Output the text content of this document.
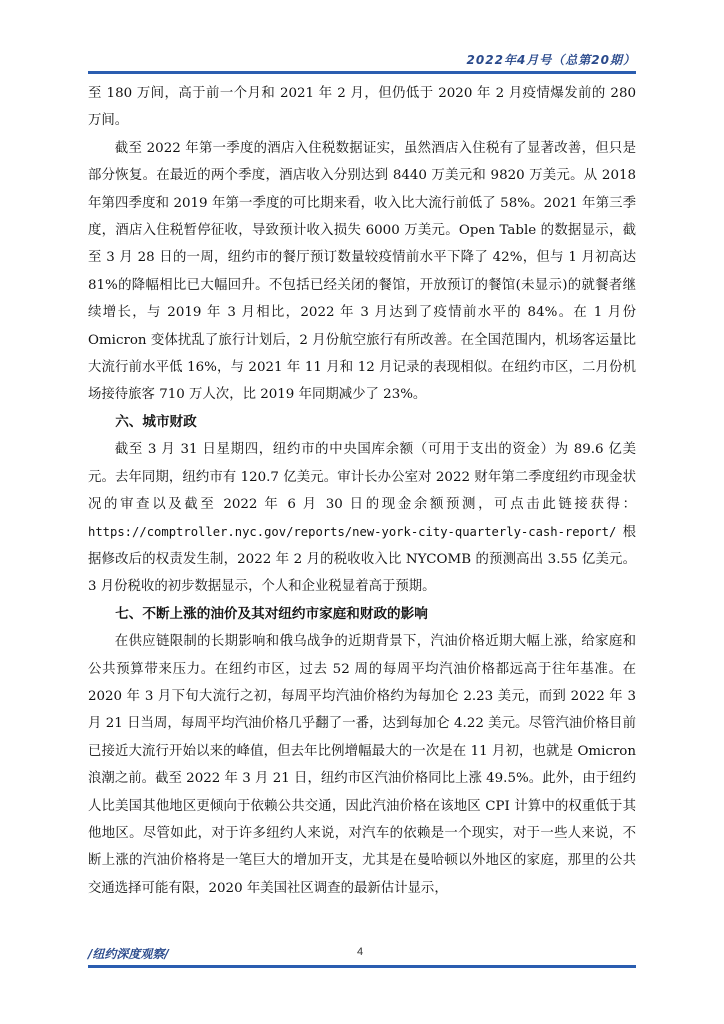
2022年4月号（总第20期）

至 180 万间，高于前一个月和 2021 年 2 月，但仍低于 2020 年 2 月疫情爆发前的 280 万间。

截至 2022 年第一季度的酒店入住税数据证实，虽然酒店入住税有了显著改善，但只是部分恢复。在最近的两个季度，酒店收入分别达到 8440 万美元和 9820 万美元。从 2018 年第四季度和 2019 年第一季度的可比期来看，收入比大流行前低了 58%。2021 年第三季度，酒店入住税暂停征收，导致预计收入损失 6000 万美元。Open Table 的数据显示，截至 3 月 28 日的一周，纽约市的餐厅预订数量较疫情前水平下降了 42%，但与 1 月初高达 81%的降幅相比已大幅回升。不包括已经关闭的餐馆，开放预订的餐馆(未显示)的就餐者继续增长，与 2019 年 3 月相比，2022 年 3 月达到了疫情前水平的 84%。在 1 月份 Omicron 变体扰乱了旅行计划后，2 月份航空旅行有所改善。在全国范围内，机场客运量比大流行前水平低 16%，与 2021 年 11 月和 12 月记录的表现相似。在纽约市区，二月份机场接待旅客 710 万人次，比 2019 年同期减少了 23%。

六、城市财政

截至 3 月 31 日星期四，纽约市的中央国库余额（可用于支出的资金）为 89.6 亿美元。去年同期，纽约市有 120.7 亿美元。审计长办公室对 2022 财年第二季度纽约市现金状况的审查以及截至 2022 年 6 月 30 日的现金余额预测，可点击此链接获得：https://comptroller.nyc.gov/reports/new-york-city-quarterly-cash-report/ 根据修改后的权责发生制，2022 年 2 月的税收收入比 NYCOMB 的预测高出 3.55 亿美元。3 月份税收的初步数据显示，个人和企业税显着高于预期。

七、不断上涨的油价及其对纽约市家庭和财政的影响

在供应链限制的长期影响和俄乌战争的近期背景下，汽油价格近期大幅上涨，给家庭和公共预算带来压力。在纽约市区，过去 52 周的每周平均汽油价格都远高于往年基准。在 2020 年 3 月下旬大流行之初，每周平均汽油价格约为每加仑 2.23 美元，而到 2022 年 3 月 21 日当周，每周平均汽油价格几乎翻了一番，达到每加仑 4.22 美元。尽管汽油价格目前已接近大流行开始以来的峰值，但去年比例增幅最大的一次是在 11 月初，也就是 Omicron 浪潮之前。截至 2022 年 3 月 21 日，纽约市区汽油价格同比上涨 49.5%。此外，由于纽约人比美国其他地区更倾向于依赖公共交通，因此汽油价格在该地区 CPI 计算中的权重低于其他地区。尽管如此，对于许多纽约人来说，对汽车的依赖是一个现实，对于一些人来说，不断上涨的汽油价格将是一笔巨大的增加开支，尤其是在曼哈顿以外地区的家庭，那里的公共交通选择可能有限，2020 年美国社区调查的最新估计显示，

/纽约深度观察/	4
